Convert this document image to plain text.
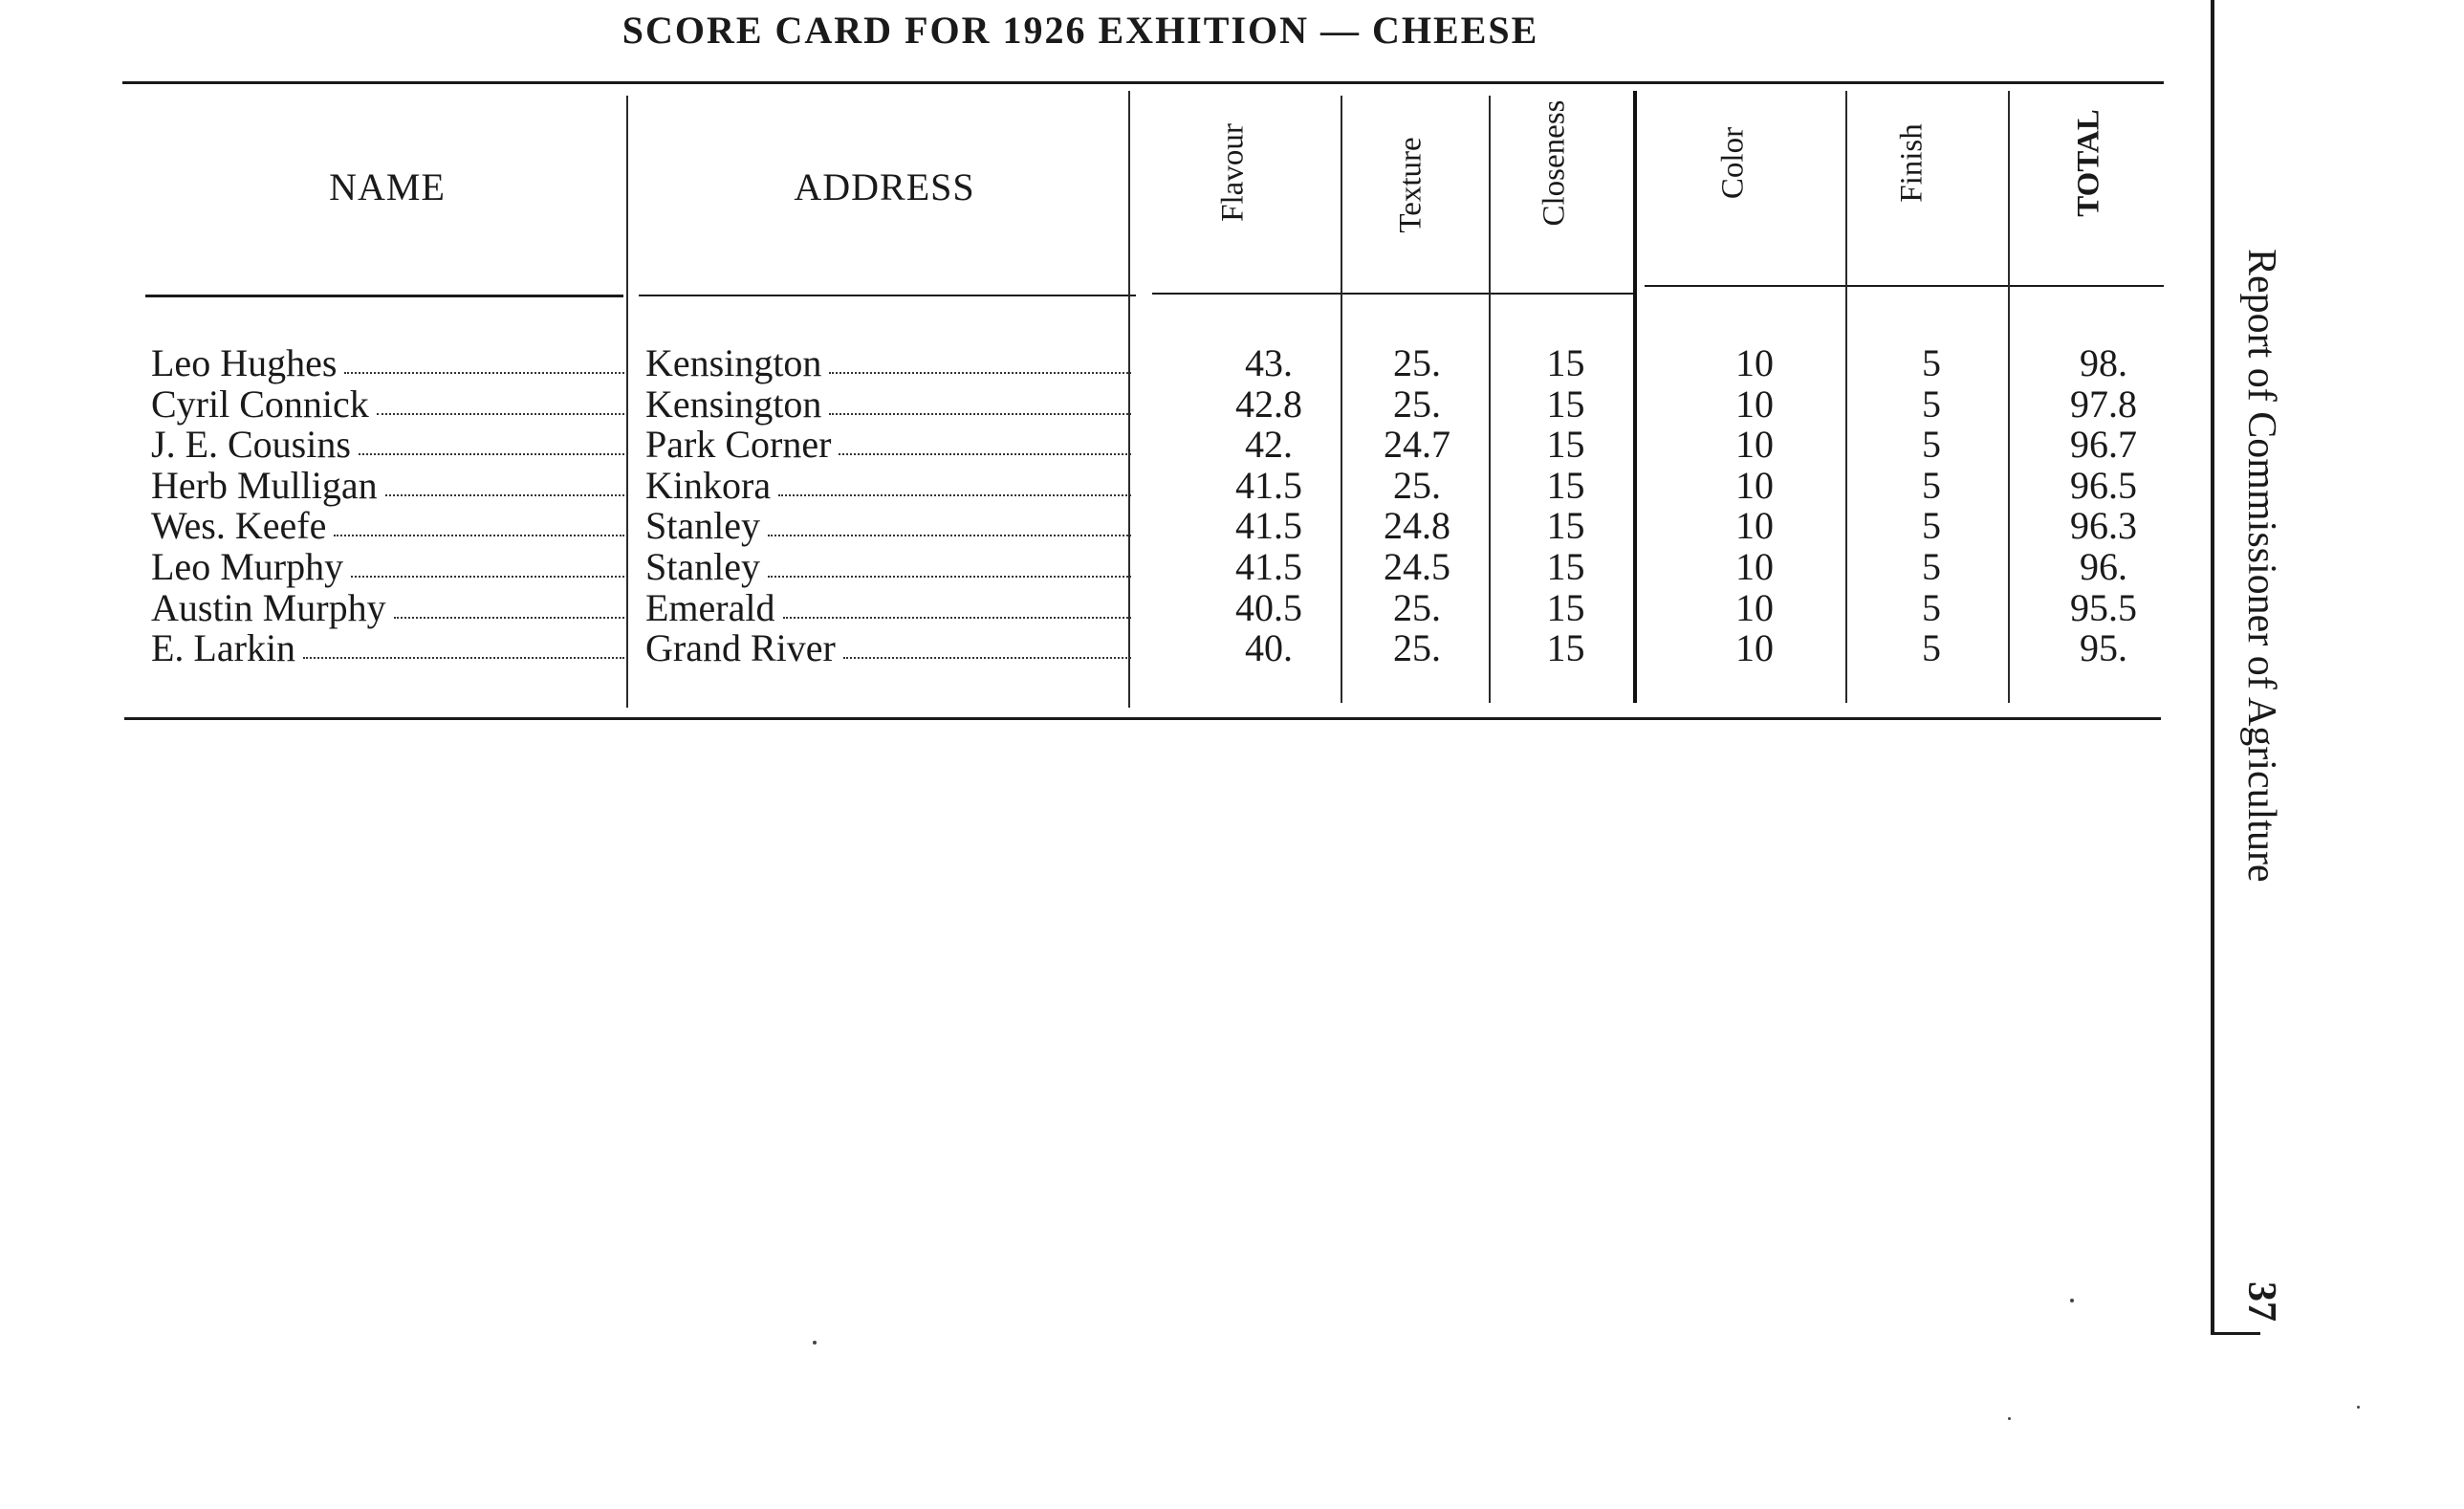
SCORE CARD FOR 1926 EXHITION — CHEESE
NAME	ADDRESS	Flavour	Texture	Closeness	Color	Finish	TOTAL
Leo Hughes	Kensington	43.	25.	15	10	5	98.
Cyril Connick	Kensington	42.8	25.	15	10	5	97.8
J. E. Cousins	Park Corner	42.	24.7	15	10	5	96.7
Herb Mulligan	Kinkora	41.5	25.	15	10	5	96.5
Wes. Keefe	Stanley	41.5	24.8	15	10	5	96.3
Leo Murphy	Stanley	41.5	24.5	15	10	5	96.
Austin Murphy	Emerald	40.5	25.	15	10	5	95.5
E. Larkin	Grand River	40.	25.	15	10	5	95.	Report of Commissioner of Agriculture
37
